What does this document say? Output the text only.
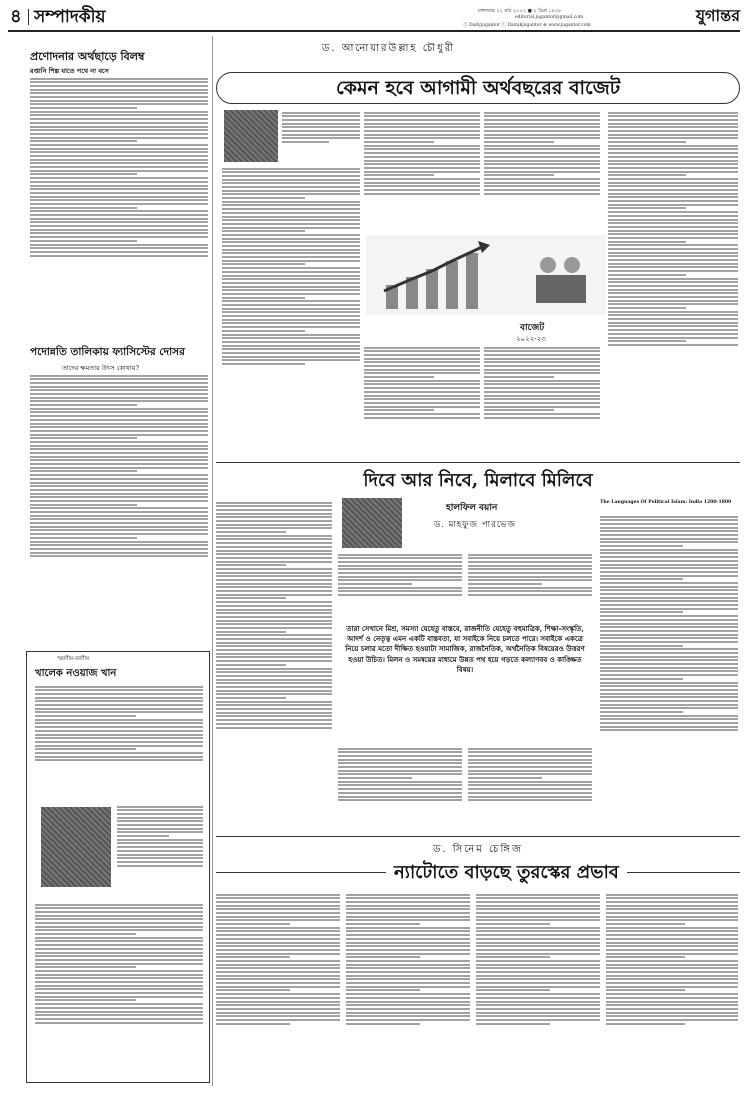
৪ সম্পাদকীয়	মঙ্গলবার ২২ মার্চ ২০২২ ● ৮ চৈত্র ১৪২৮
editorial.jugantor@gmail.com
ⓕ Dailyjugantor ⓣ Dainikjugantor ⊕ www.jugantor.com
যুগান্তর
প্রণোদনার অর্থছাড়ে বিলম্ব
রপ্তানি শিল্প যাতে পথে না বসে
পদোন্নতি তালিকায় ফ্যাসিস্টের দোসর
তাদের ক্ষমতার উৎস কোথায়?
স্মরণীয়-বরণীয়
খালেক নওয়াজ খান
ড. আনোয়ারউল্লাহ চৌধুরী
কেমন হবে আগামী অর্থবছরের বাজেট
বাজেট
২০২২-২৩
দিবে আর নিবে, মিলাবে মিলিবে
হালফিল বয়ান
ড. মাহফুজ পারভেজ
তারা সেখানে মিশ্র, সমস্যা যেহেতু বাস্তবে, রাজনীতি যেহেতু বহুমাত্রিক, শিক্ষা-সংস্কৃতি, আদর্শ ও নেতৃত্ব এমন একটি বাস্তবতা, যা সবাইকে নিয়ে চলতে পারে। সবাইকে একত্রে নিয়ে চলার মতো দীক্ষিত হওয়াটা সামাজিক, রাজনৈতিক, অর্থনৈতিক বিষয়েরও উত্তরণ হওয়া উচিত। মিলন ও সমন্বয়ের মাধ্যমে উন্নত পথ হয়ে গড়তে কল্যাণবব ও কাঙ্ক্ষিত বিষয়।
The Languages Of Political Islam: India 1200-1800
ড. সিনেম চেঙ্গিজ
ন্যাটোতে বাড়ছে তুরস্কের প্রভাব
